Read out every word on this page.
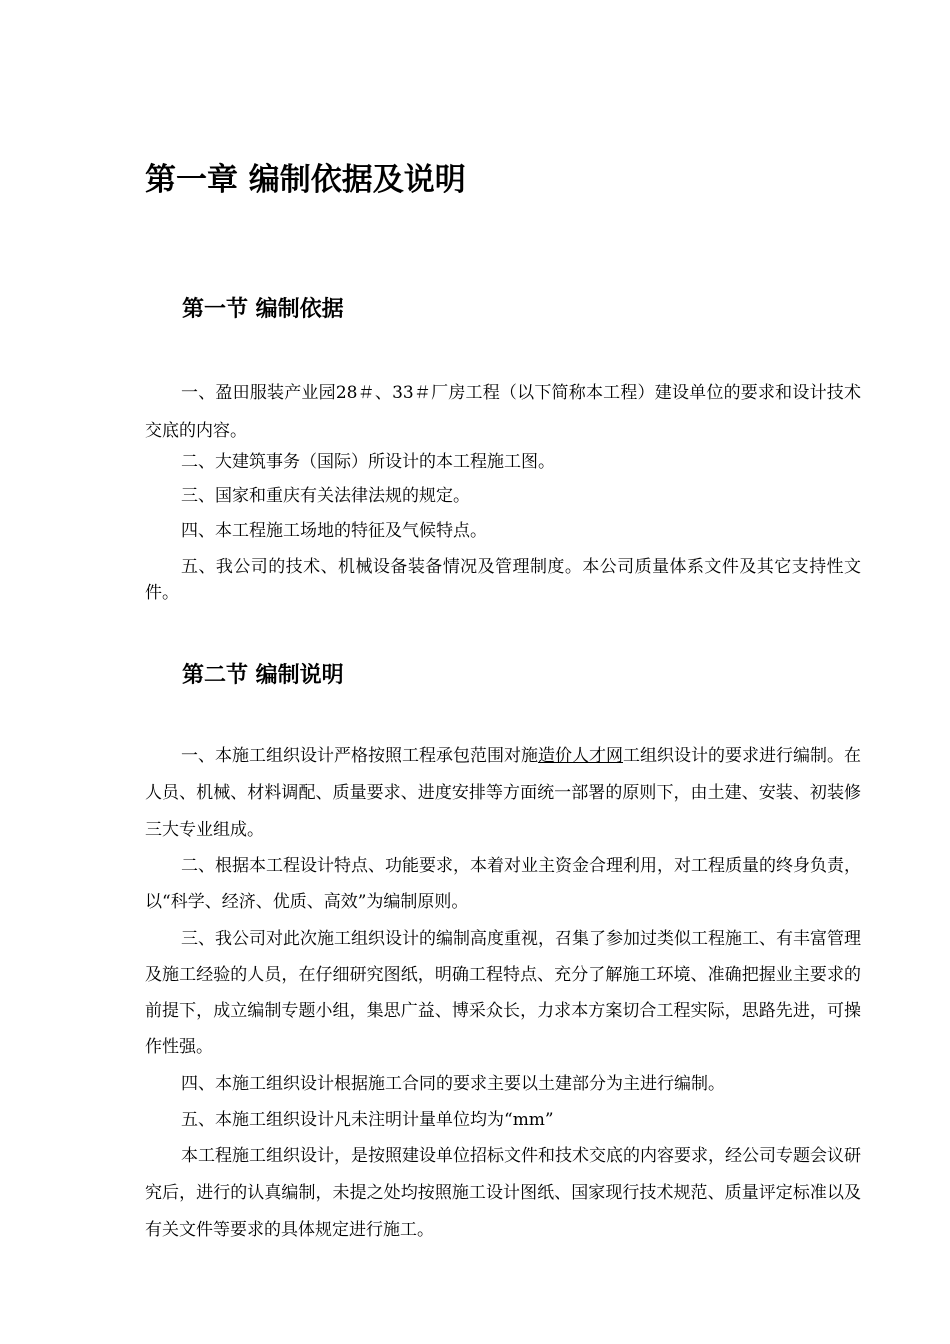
第一章 编制依据及说明
第一节 编制依据

一、盈田服装产业园28＃、33＃厂房工程（以下简称本工程）建设单位的要求和设计技术交底的内容。

二、大建筑事务（国际）所设计的本工程施工图。

三、国家和重庆有关法律法规的规定。

四、本工程施工场地的特征及气候特点。

五、我公司的技术、机械设备装备情况及管理制度。本公司质量体系文件及其它支持性文件。

第二节 编制说明

一、本施工组织设计严格按照工程承包范围对施造价人才网工组织设计的要求进行编制。在人员、机械、材料调配、质量要求、进度安排等方面统一部署的原则下，由土建、安装、初装修三大专业组成。

二、根据本工程设计特点、功能要求，本着对业主资金合理利用，对工程质量的终身负责，以“科学、经济、优质、高效”为编制原则。

三、我公司对此次施工组织设计的编制高度重视，召集了参加过类似工程施工、有丰富管理及施工经验的人员，在仔细研究图纸，明确工程特点、充分了解施工环境、准确把握业主要求的前提下，成立编制专题小组，集思广益、博采众长，力求本方案切合工程实际，思路先进，可操作性强。

四、本施工组织设计根据施工合同的要求主要以土建部分为主进行编制。

五、本施工组织设计凡未注明计量单位均为“mm”

本工程施工组织设计，是按照建设单位招标文件和技术交底的内容要求，经公司专题会议研究后，进行的认真编制，未提之处均按照施工设计图纸、国家现行技术规范、质量评定标准以及有关文件等要求的具体规定进行施工。
